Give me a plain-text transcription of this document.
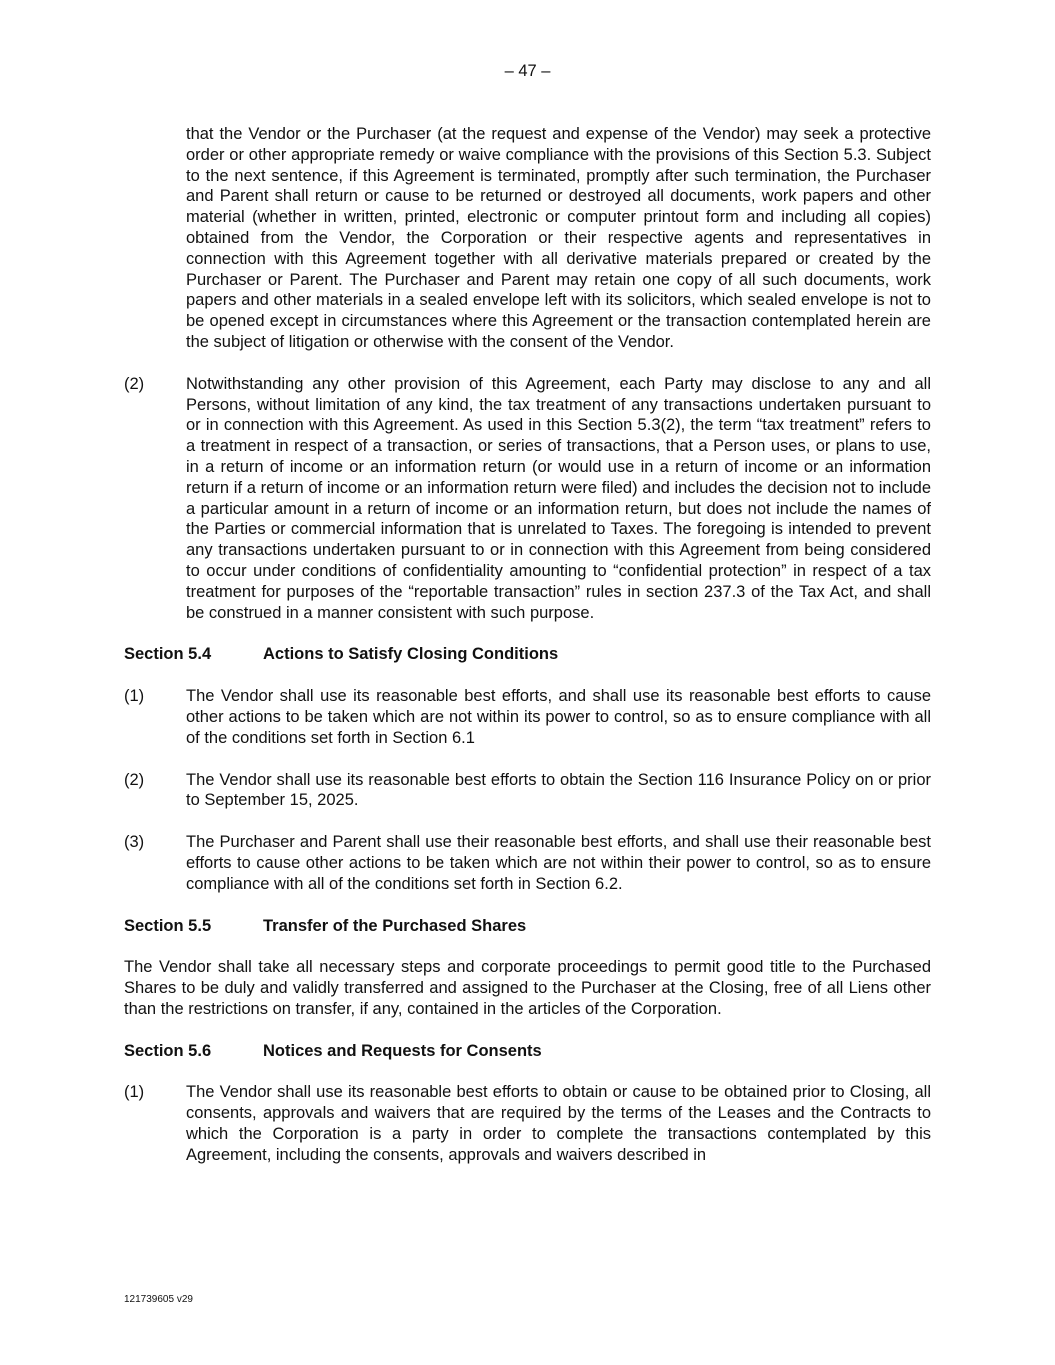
– 47 –

that the Vendor or the Purchaser (at the request and expense of the Vendor) may seek a protective order or other appropriate remedy or waive compliance with the provisions of this Section 5.3. Subject to the next sentence, if this Agreement is terminated, promptly after such termination, the Purchaser and Parent shall return or cause to be returned or destroyed all documents, work papers and other material (whether in written, printed, electronic or computer printout form and including all copies) obtained from the Vendor, the Corporation or their respective agents and representatives in connection with this Agreement together with all derivative materials prepared or created by the Purchaser or Parent. The Purchaser and Parent may retain one copy of all such documents, work papers and other materials in a sealed envelope left with its solicitors, which sealed envelope is not to be opened except in circumstances where this Agreement or the transaction contemplated herein are the subject of litigation or otherwise with the consent of the Vendor.

(2)	Notwithstanding any other provision of this Agreement, each Party may disclose to any and all Persons, without limitation of any kind, the tax treatment of any transactions undertaken pursuant to or in connection with this Agreement. As used in this Section 5.3(2), the term “tax treatment” refers to a treatment in respect of a transaction, or series of transactions, that a Person uses, or plans to use, in a return of income or an information return (or would use in a return of income or an information return if a return of income or an information return were filed) and includes the decision not to include a particular amount in a return of income or an information return, but does not include the names of the Parties or commercial information that is unrelated to Taxes. The foregoing is intended to prevent any transactions undertaken pursuant to or in connection with this Agreement from being considered to occur under conditions of confidentiality amounting to “confidential protection” in respect of a tax treatment for purposes of the “reportable transaction” rules in section 237.3 of the Tax Act, and shall be construed in a manner consistent with such purpose.
Section 5.4	Actions to Satisfy Closing Conditions
(1)	The Vendor shall use its reasonable best efforts, and shall use its reasonable best efforts to cause other actions to be taken which are not within its power to control, so as to ensure compliance with all of the conditions set forth in Section 6.1
(2)	The Vendor shall use its reasonable best efforts to obtain the Section 116 Insurance Policy on or prior to September 15, 2025.
(3)	The Purchaser and Parent shall use their reasonable best efforts, and shall use their reasonable best efforts to cause other actions to be taken which are not within their power to control, so as to ensure compliance with all of the conditions set forth in Section 6.2.
Section 5.5	Transfer of the Purchased Shares

The Vendor shall take all necessary steps and corporate proceedings to permit good title to the Purchased Shares to be duly and validly transferred and assigned to the Purchaser at the Closing, free of all Liens other than the restrictions on transfer, if any, contained in the articles of the Corporation.

Section 5.6	Notices and Requests for Consents
(1)	The Vendor shall use its reasonable best efforts to obtain or cause to be obtained prior to Closing, all consents, approvals and waivers that are required by the terms of the Leases and the Contracts to which the Corporation is a party in order to complete the transactions contemplated by this Agreement, including the consents, approvals and waivers described in
121739605 v29
